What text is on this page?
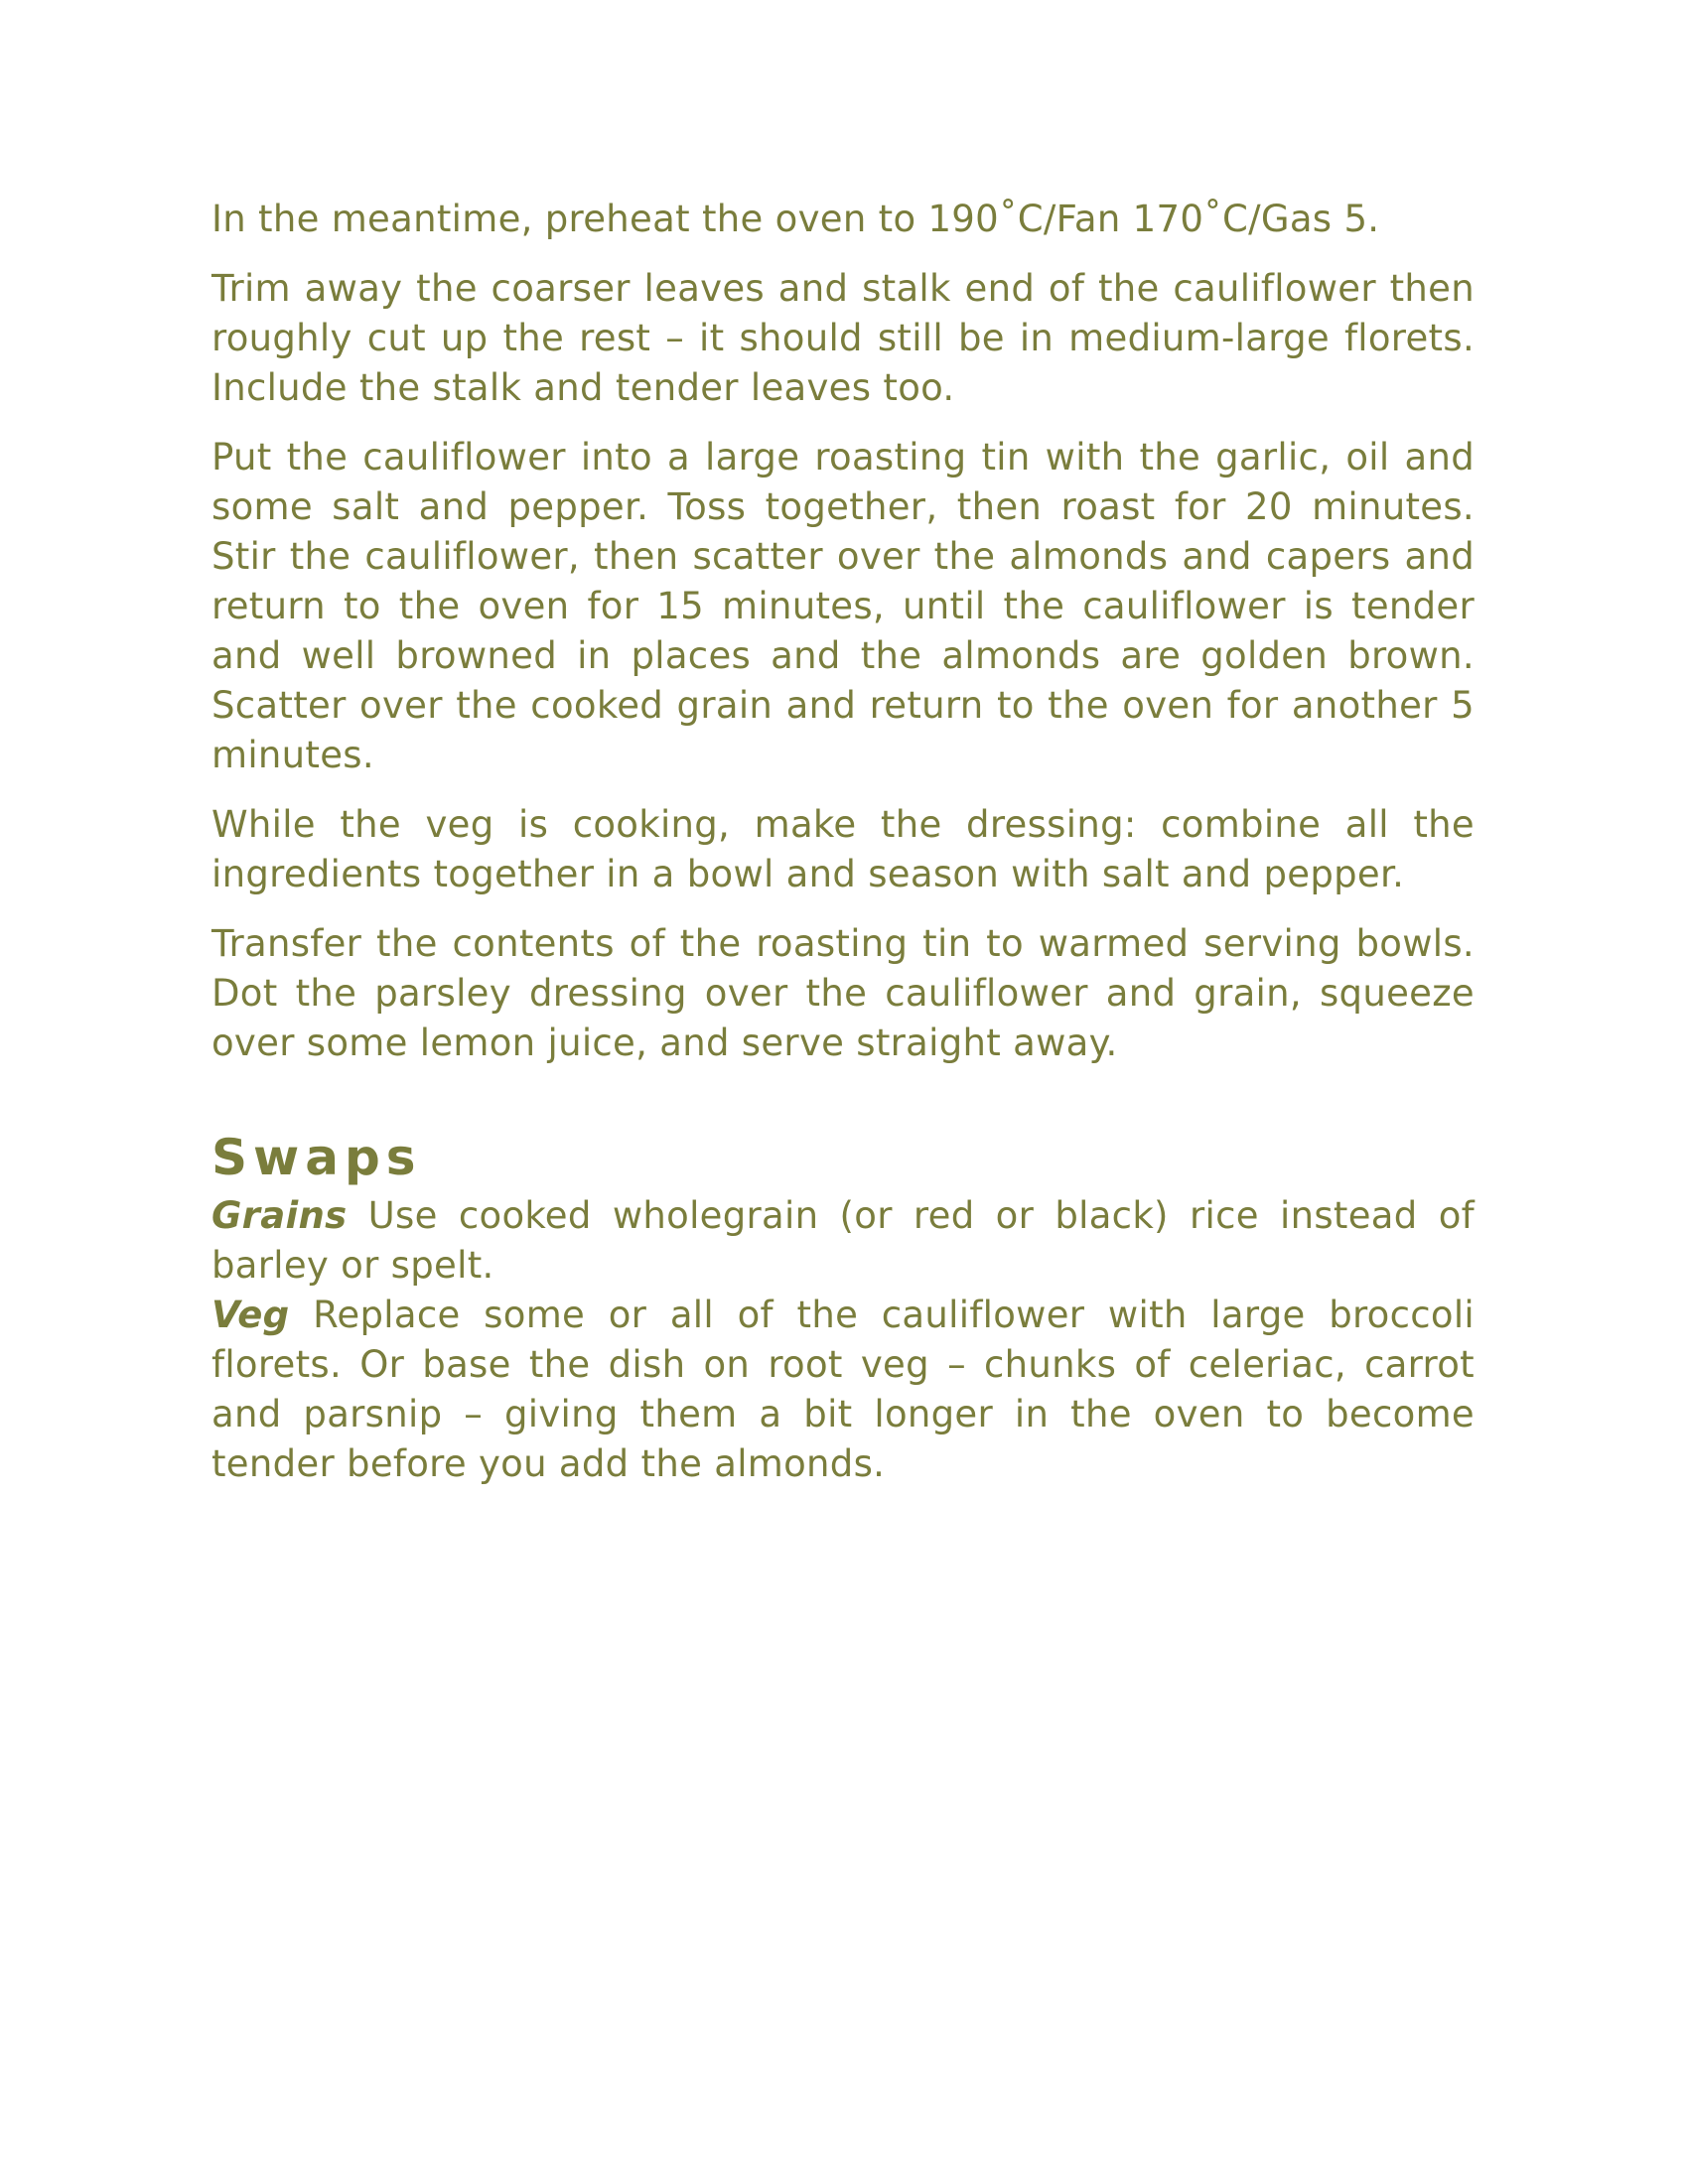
In the meantime, preheat the oven to 190˚C/Fan 170˚C/Gas 5.

Trim away the coarser leaves and stalk end of the cauliflower then roughly cut up the rest – it should still be in medium-large florets. Include the stalk and tender leaves too.

Put the cauliflower into a large roasting tin with the garlic, oil and some salt and pepper. Toss together, then roast for 20 minutes. Stir the cauliflower, then scatter over the almonds and capers and return to the oven for 15 minutes, until the cauliflower is tender and well browned in places and the almonds are golden brown. Scatter over the cooked grain and return to the oven for another 5 minutes.

While the veg is cooking, make the dressing: combine all the ingredients together in a bowl and season with salt and pepper.

Transfer the contents of the roasting tin to warmed serving bowls. Dot the parsley dressing over the cauliflower and grain, squeeze over some lemon juice, and serve straight away.

Swaps

Grains Use cooked wholegrain (or red or black) rice instead of barley or spelt.

Veg Replace some or all of the cauliflower with large broccoli florets. Or base the dish on root veg – chunks of celeriac, carrot and parsnip – giving them a bit longer in the oven to become tender before you add the almonds.
